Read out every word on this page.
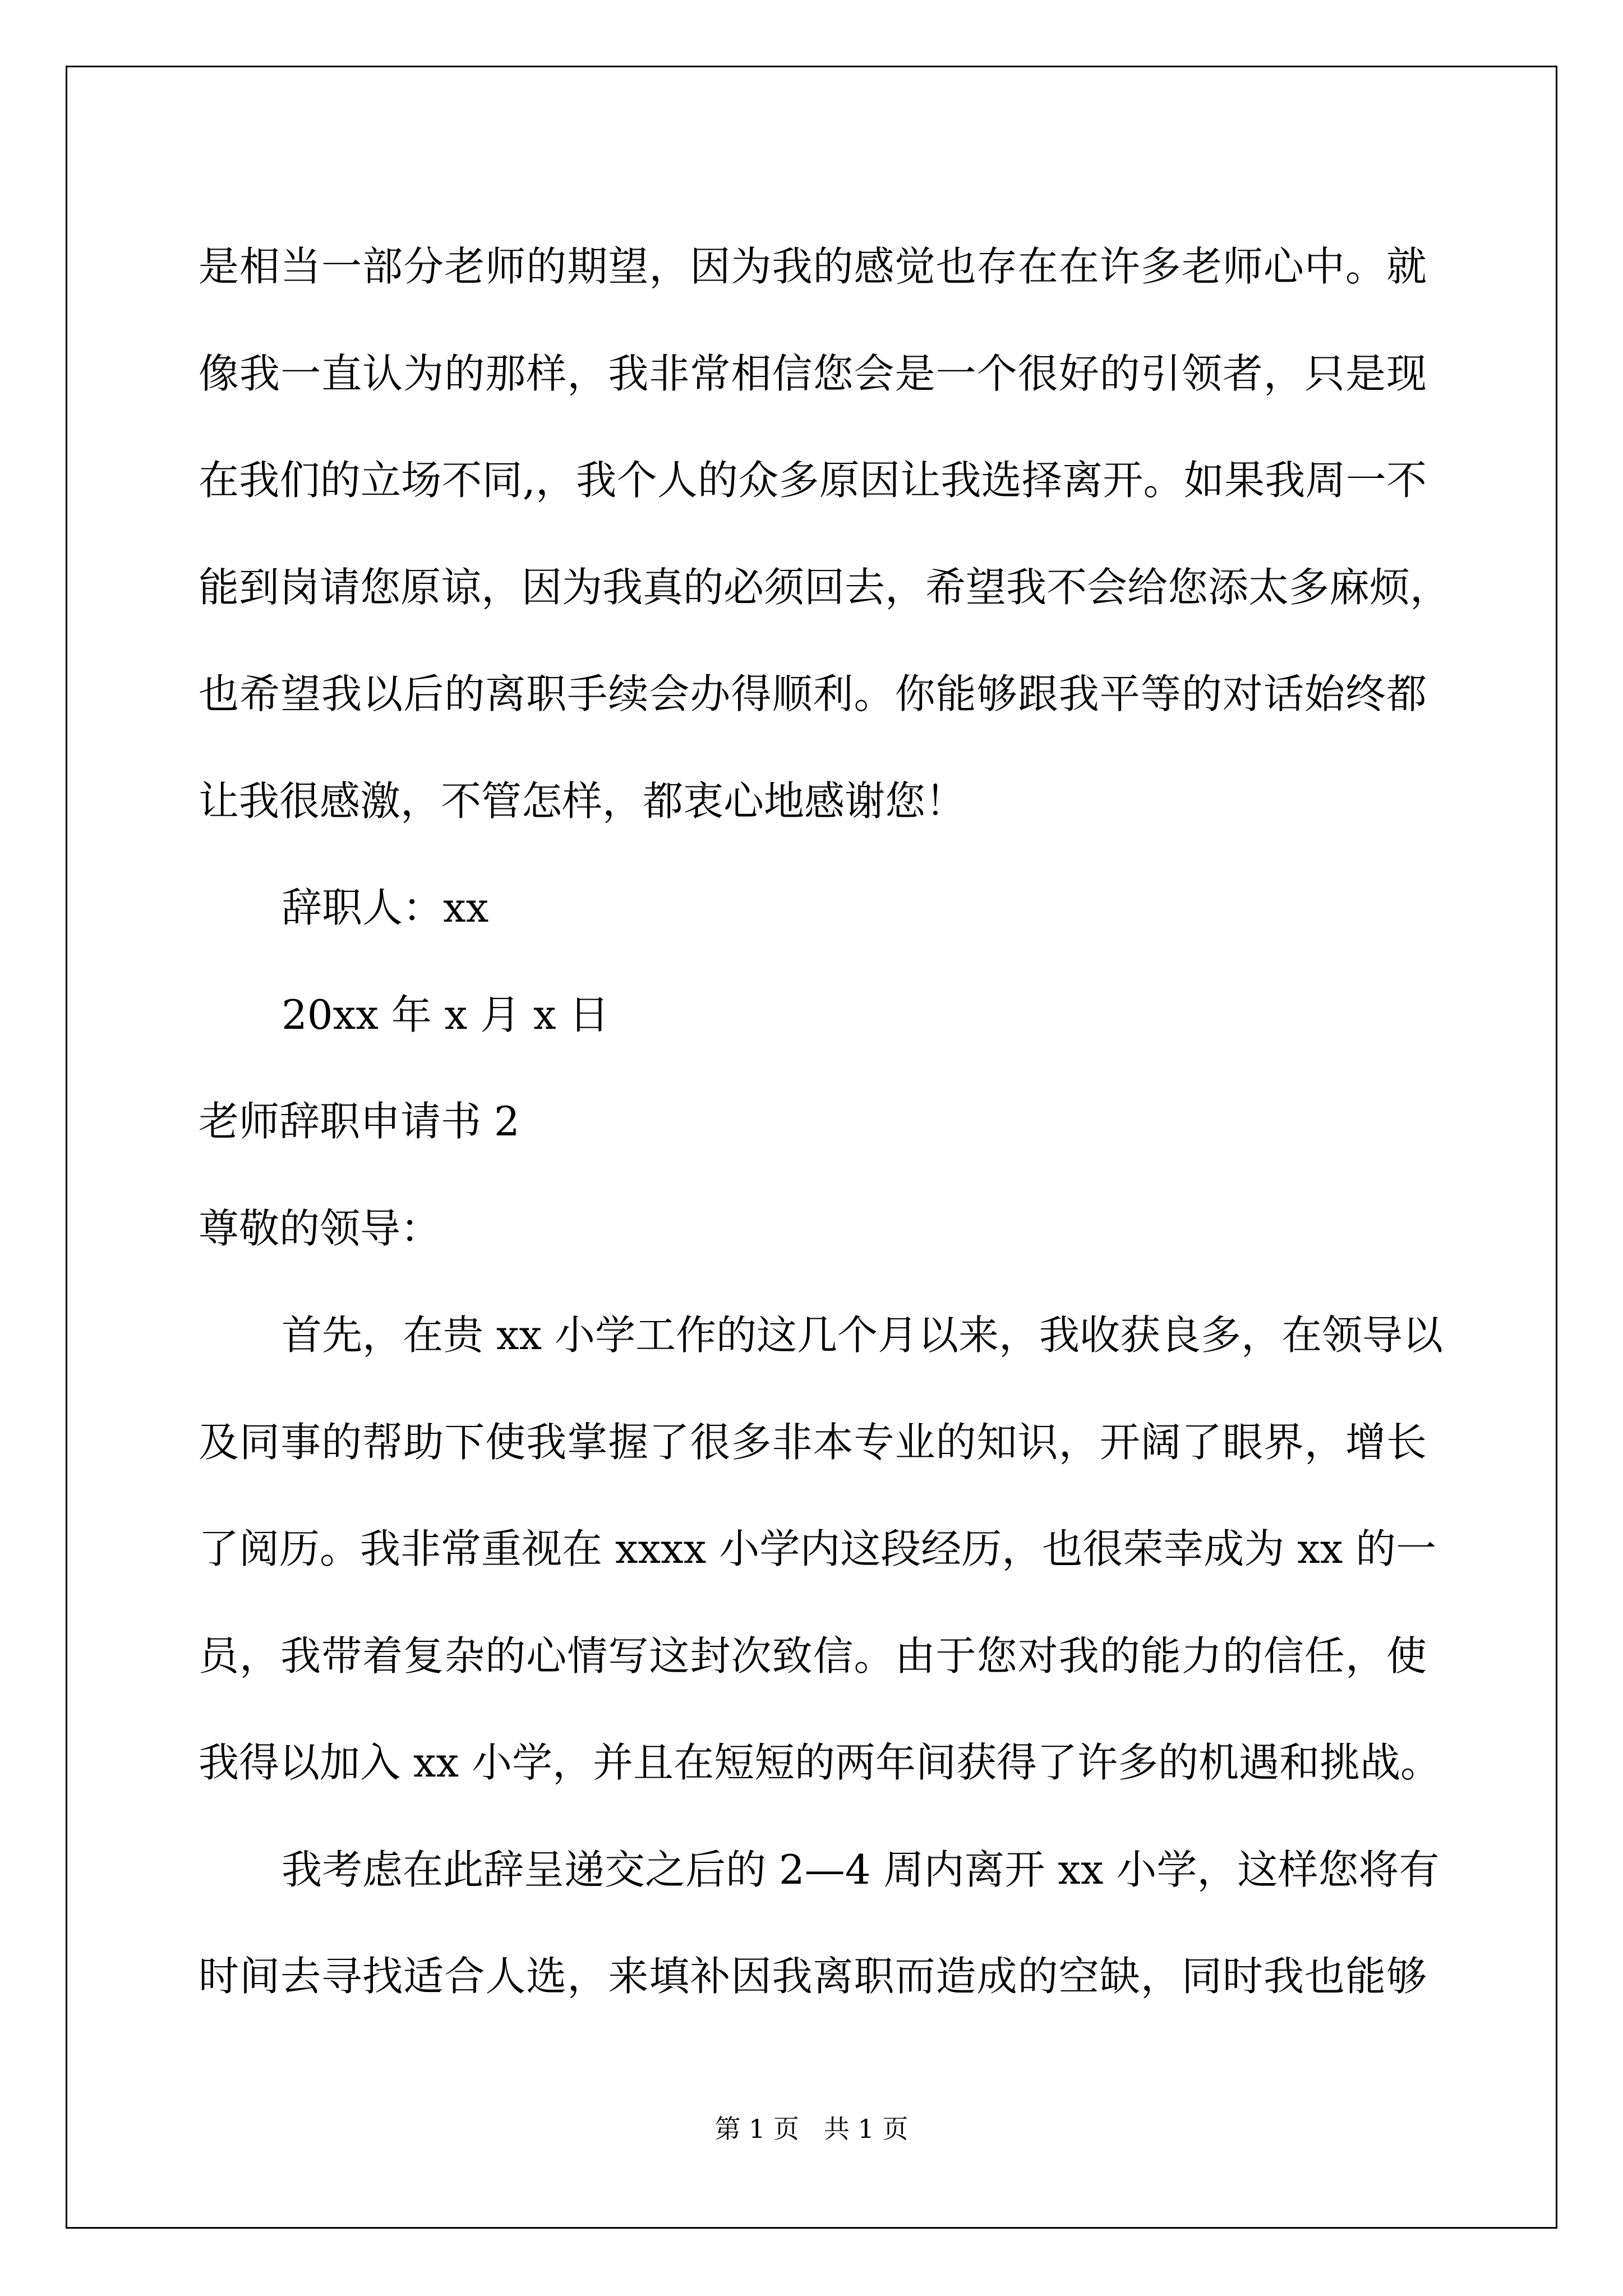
是相当一部分老师的期望，因为我的感觉也存在在许多老师心中。就
像我一直认为的那样，我非常相信您会是一个很好的引领者，只是现
在我们的立场不同,，我个人的众多原因让我选择离开。如果我周一不
能到岗请您原谅，因为我真的必须回去，希望我不会给您添太多麻烦，
也希望我以后的离职手续会办得顺利。你能够跟我平等的对话始终都
让我很感激，不管怎样，都衷心地感谢您！
辞职人：xx
20xx 年 x 月 x 日
老师辞职申请书 2
尊敬的领导：
首先，在贵 xx 小学工作的这几个月以来，我收获良多，在领导以
及同事的帮助下使我掌握了很多非本专业的知识，开阔了眼界，增长
了阅历。我非常重视在 xxxx 小学内这段经历，也很荣幸成为 xx 的一
员，我带着复杂的心情写这封次致信。由于您对我的能力的信任，使
我得以加入 xx 小学，并且在短短的两年间获得了许多的机遇和挑战。
我考虑在此辞呈递交之后的 2—4 周内离开 xx 小学，这样您将有
时间去寻找适合人选，来填补因我离职而造成的空缺，同时我也能够
第 1 页   共 1 页
